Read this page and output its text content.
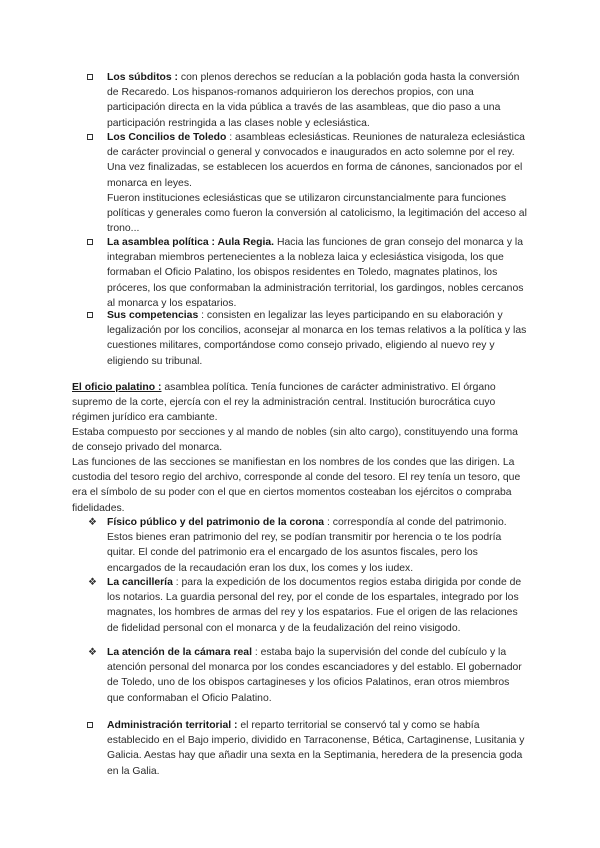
Los súbditos : con plenos derechos se reducían a la población goda hasta la conversión de Recaredo. Los hispanos-romanos adquirieron los derechos propios, con una participación directa en la vida pública a través de las asambleas, que dio paso a una participación restringida a las clases noble y eclesiástica.
Los Concilios de Toledo : asambleas eclesiásticas. Reuniones de naturaleza eclesiástica de carácter provincial o general y convocados e inaugurados en acto solemne por el rey. Una vez finalizadas, se establecen los acuerdos en forma de cánones, sancionados por el monarca en leyes.
Fueron instituciones eclesiásticas que se utilizaron circunstancialmente para funciones políticas y generales como fueron la conversión al catolicismo, la legitimación del acceso al trono...
La asamblea política : Aula Regia. Hacia las funciones de gran consejo del monarca y la integraban miembros pertenecientes a la nobleza laica y eclesiástica visigoda, los que formaban el Oficio Palatino, los obispos residentes en Toledo, magnates platinos, los próceres, los que conformaban la administración territorial, los gardingos, nobles cercanos al monarca y los espatarios.
Sus competencias : consisten en legalizar las leyes participando en su elaboración y legalización por los concilios, aconsejar al monarca en los temas relativos a la política y las cuestiones militares, comportándose como consejo privado, eligiendo al nuevo rey y eligiendo su tribunal.
El oficio palatino : asamblea política. Tenía funciones de carácter administrativo. El órgano supremo de la corte, ejercía con el rey la administración central. Institución burocrática cuyo régimen jurídico era cambiante.
Estaba compuesto por secciones y al mando de nobles (sin alto cargo), constituyendo una forma de consejo privado del monarca.
Las funciones de las secciones se manifiestan en los nombres de los condes que las dirigen. La custodia del tesoro regio del archivo, corresponde al conde del tesoro. El rey tenía un tesoro, que era el símbolo de su poder con el que en ciertos momentos costeaban los ejércitos o compraba fidelidades.
❖ Físico público y del patrimonio de la corona : correspondía al conde del patrimonio. Estos bienes eran patrimonio del rey, se podían transmitir por herencia o te los podría quitar. El conde del patrimonio era el encargado de los asuntos fiscales, pero los encargados de la recaudación eran los dux, los comes y los iudex.
❖ La cancillería : para la expedición de los documentos regios estaba dirigida por conde de los notarios. La guardia personal del rey, por el conde de los espartales, integrado por los magnates, los hombres de armas del rey y los espatarios. Fue el origen de las relaciones de fidelidad personal con el monarca y de la feudalización del reino visigodo.
❖ La atención de la cámara real : estaba bajo la supervisión del conde del cubículo y la atención personal del monarca por los condes escanciadores y del establo. El gobernador de Toledo, uno de los obispos cartagineses y los oficios Palatinos, eran otros miembros que conformaban el Oficio Palatino.
Administración territorial : el reparto territorial se conservó tal y como se había establecido en el Bajo imperio, dividido en Tarraconense, Bética, Cartaginense, Lusitania y Galicia. Aestas hay que añadir una sexta en la Septimania, heredera de la presencia goda en la Galia.
